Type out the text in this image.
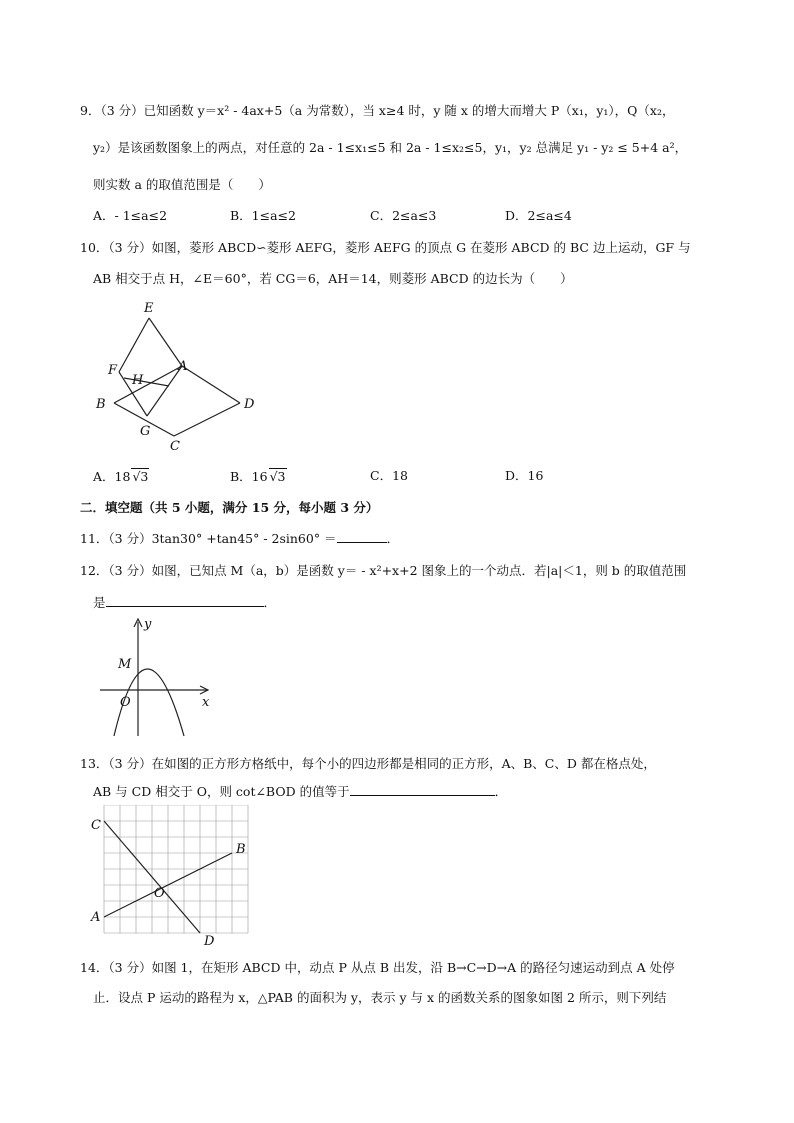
9．（3 分）已知函数 y＝x² - 4ax+5（a 为常数），当 x≥4 时，y 随 x 的增大而增大 P（x₁，y₁），Q（x₂，
y₂）是该函数图象上的两点，对任意的 2a - 1≤x₁≤5 和 2a - 1≤x₂≤5，y₁，y₂ 总满足 y₁ - y₂ ≤ 5+4 a²，
则实数 a 的取值范围是（　　）
A．- 1≤a≤2	B．1≤a≤2	C．2≤a≤3	D．2≤a≤4
10．（3 分）如图，菱形 ABCD∽菱形 AEFG，菱形 AEFG 的顶点 G 在菱形 ABCD 的 BC 边上运动，GF 与
AB 相交于点 H，∠E＝60°，若 CG＝6，AH＝14，则菱形 ABCD 的边长为（　　）
E
F
H
A
B
G
C
D
A．18 √3	B．16 √3	C．18	D．16
二．填空题（共 5 小题，满分 15 分，每小题 3 分）
11．（3 分）3tan30° +tan45° - 2sin60° ＝	．
12．（3 分）如图，已知点 M（a，b）是函数 y＝ - x²+x+2 图象上的一个动点．若|a|＜1，则 b 的取值范围
是	．
y
M
O	x
13．（3 分）在如图的正方形方格纸中，每个小的四边形都是相同的正方形，A、B、C、D 都在格点处，
AB 与 CD 相交于 O，则 cot∠BOD 的值等于	．
C
B
O
A
D
14．（3 分）如图 1，在矩形 ABCD 中，动点 P 从点 B 出发，沿 B→C→D→A 的路径匀速运动到点 A 处停
止．设点 P 运动的路程为 x，△PAB 的面积为 y，表示 y 与 x 的函数关系的图象如图 2 所示，则下列结
